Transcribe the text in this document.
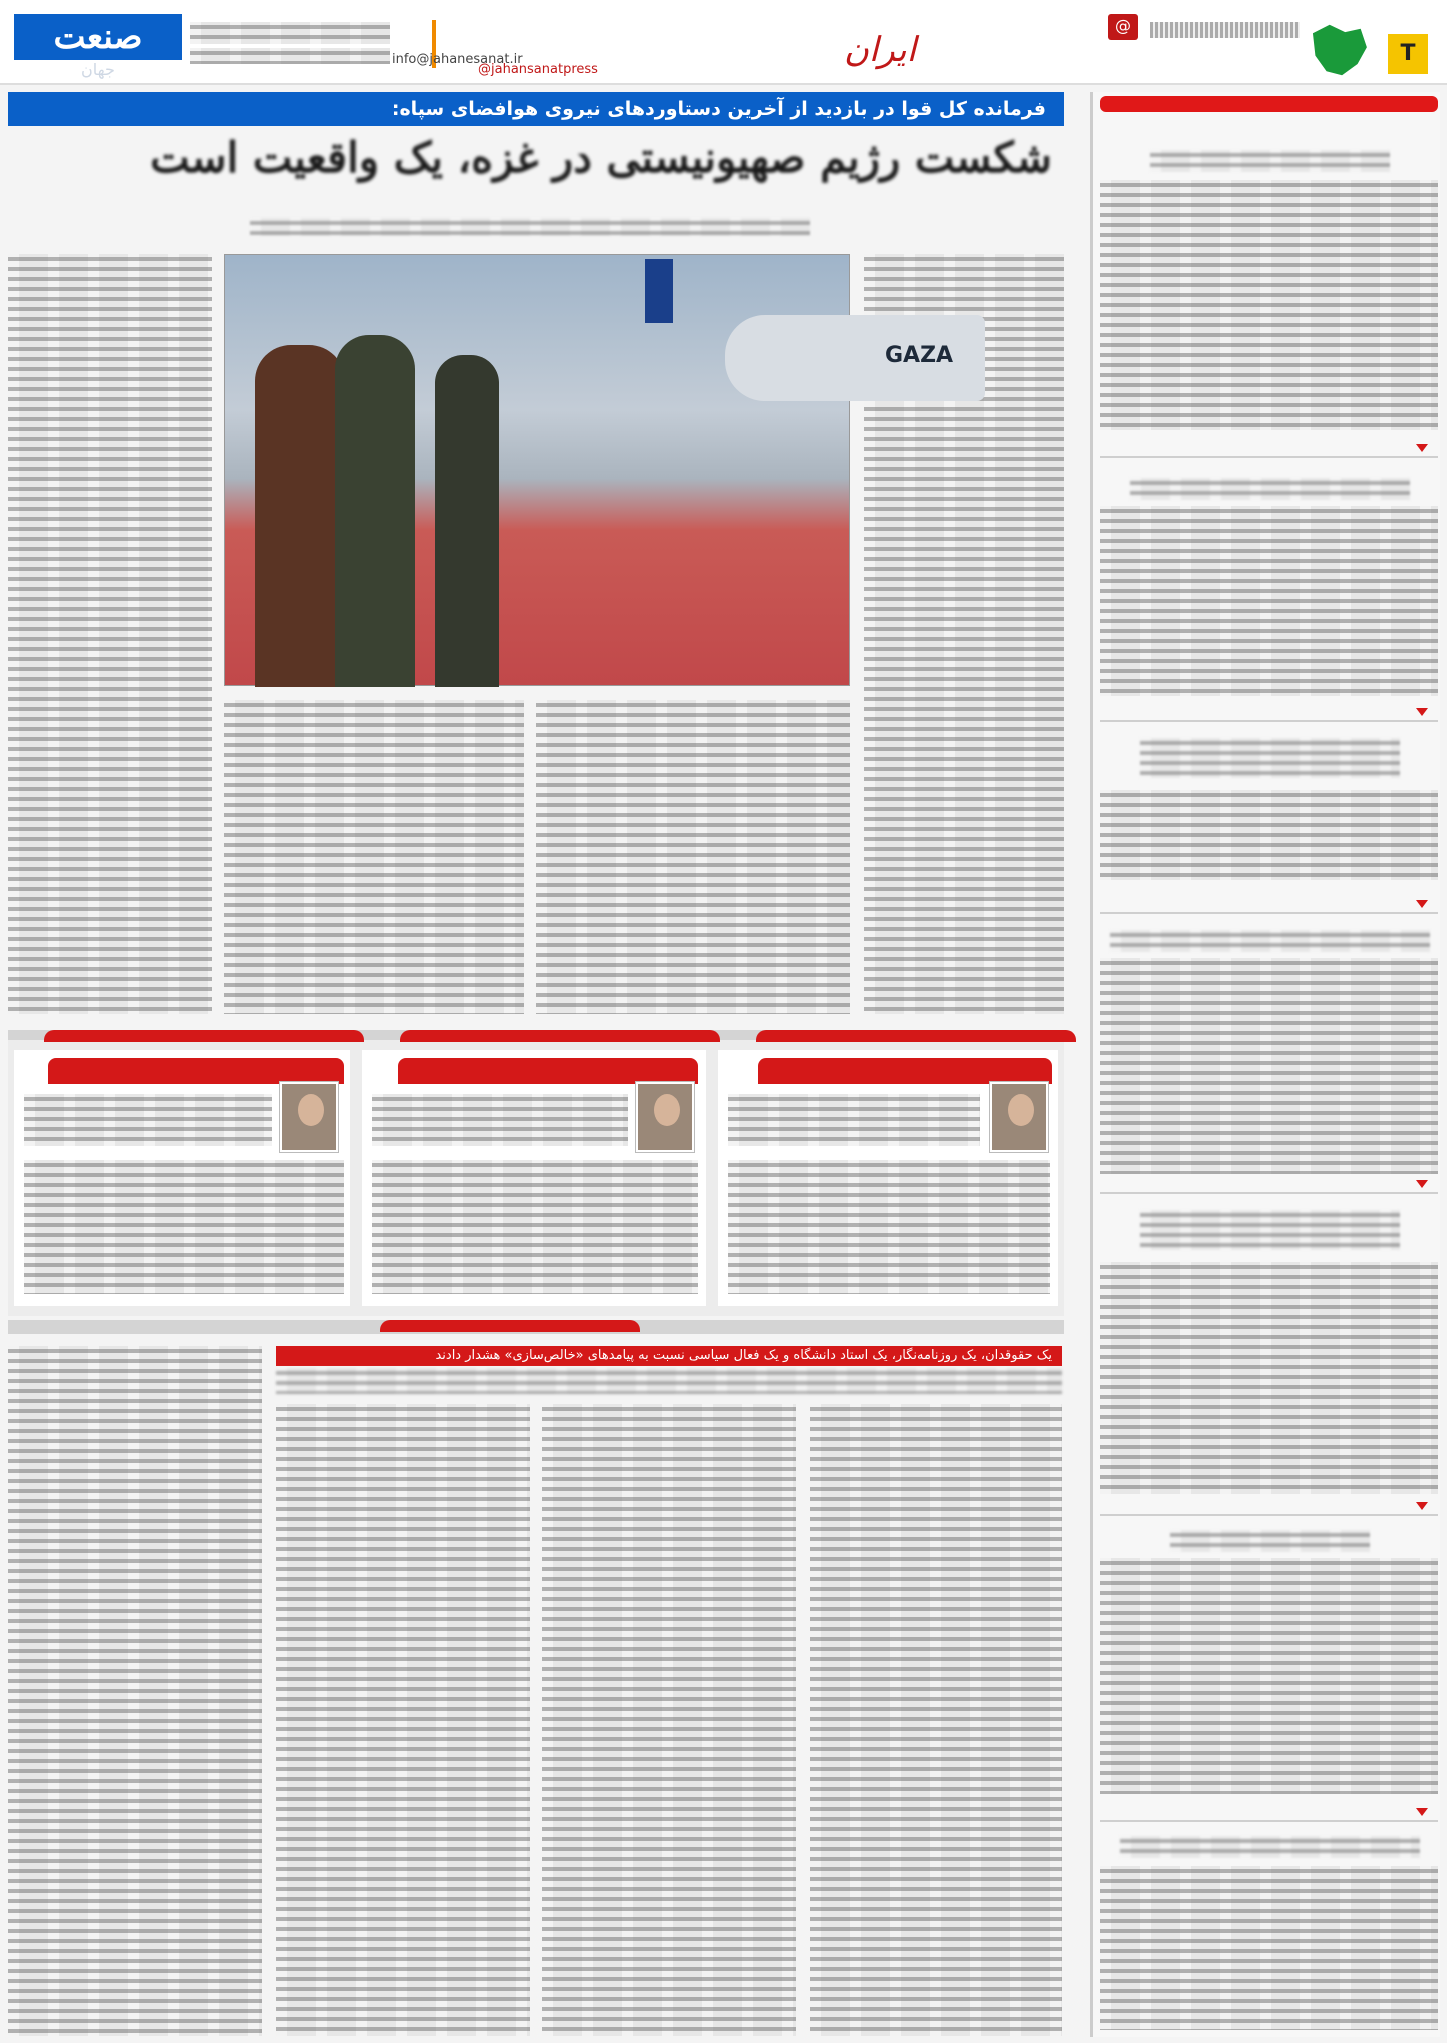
صنعت
جهان
info@jahanesanat.ir
@jahansanatpress	ایران
@	T
فرمانده کل قوا در بازدید از آخرین دستاوردهای نیروی هوافضای سپاه:
شکست رژیم صهیونیستی در غزه، یک واقعیت است
GAZA
یک حقوقدان، یک روزنامه‌نگار، یک استاد دانشگاه و یک فعال سیاسی نسبت به پیامدهای «خالص‌سازی» هشدار دادند
